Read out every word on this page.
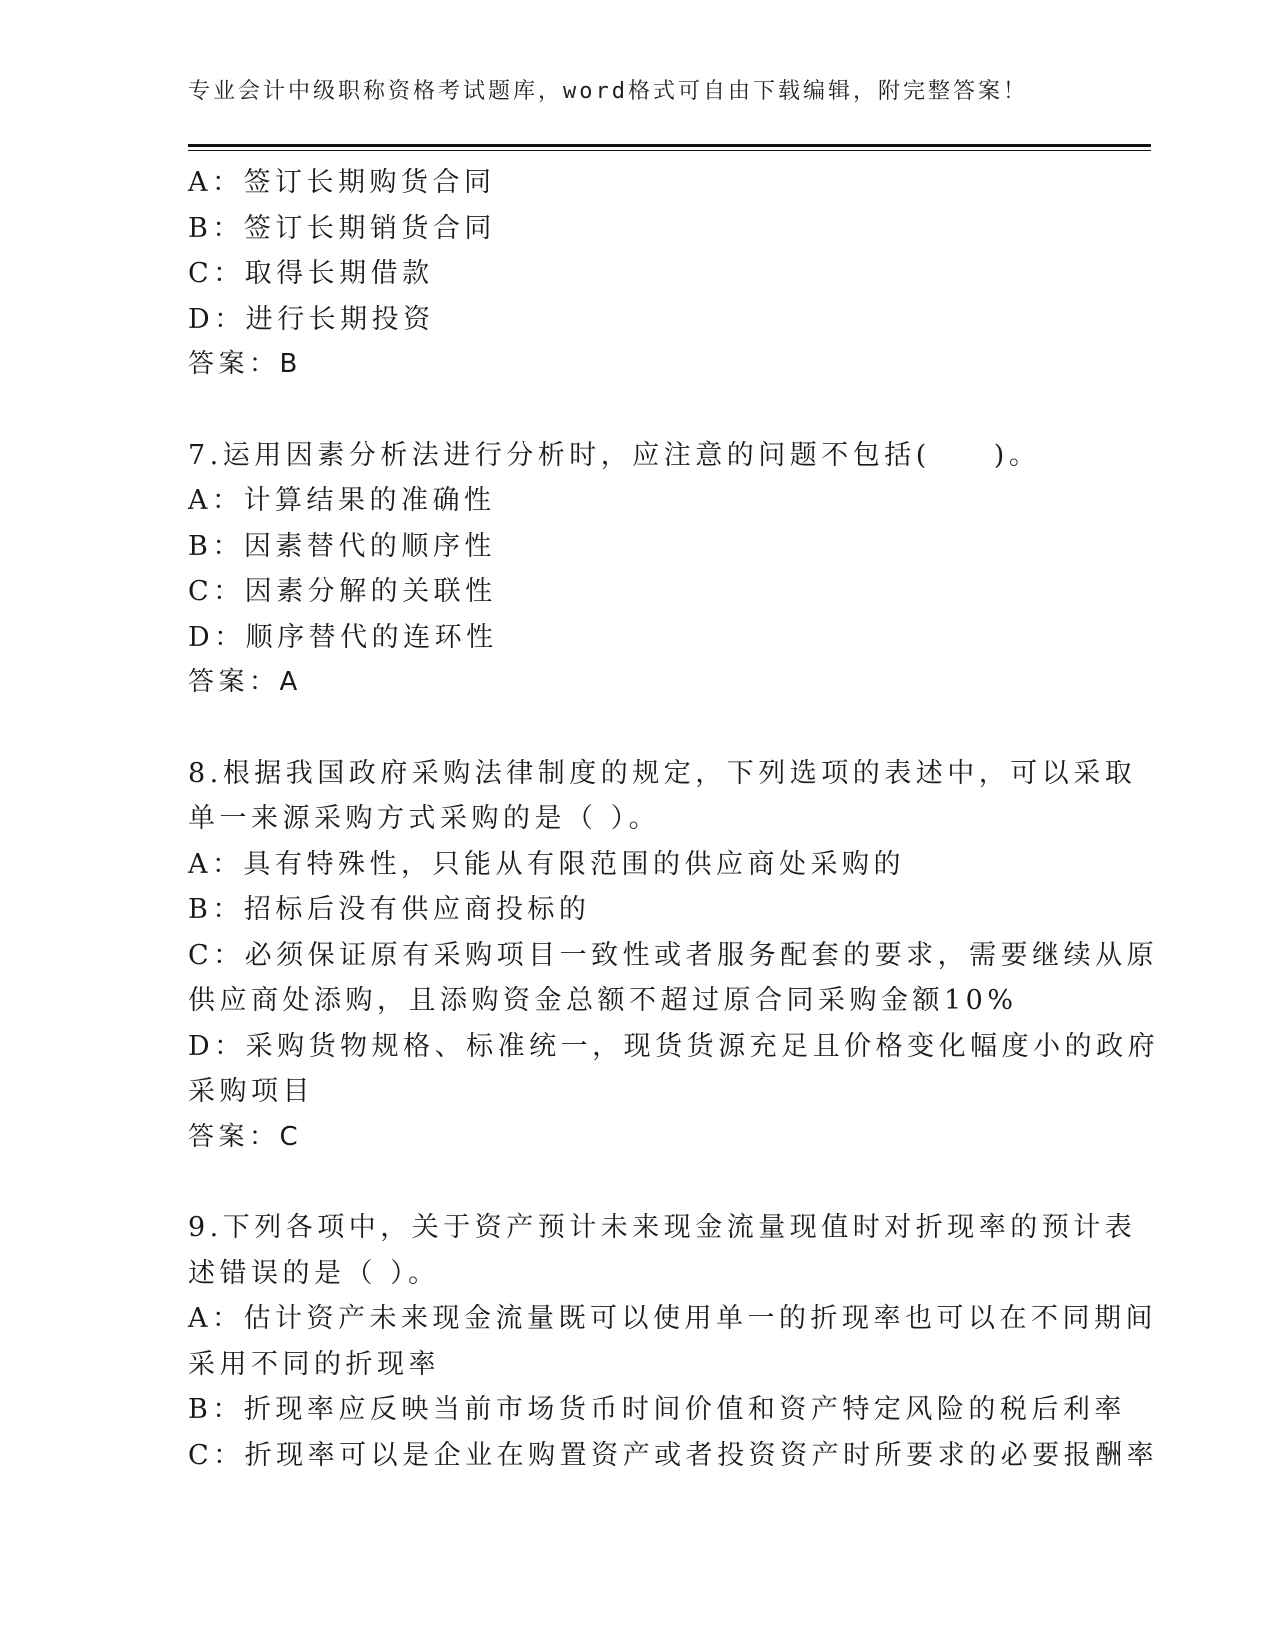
专业会计中级职称资格考试题库，word格式可自由下载编辑，附完整答案！
A：签订长期购货合同
B：签订长期销货合同
C：取得长期借款
D：进行长期投资
答案：B
7.运用因素分析法进行分析时，应注意的问题不包括(　　)。
A：计算结果的准确性
B：因素替代的顺序性
C：因素分解的关联性
D：顺序替代的连环性
答案：A
8.根据我国政府采购法律制度的规定，下列选项的表述中，可以采取
单一来源采购方式采购的是（ ）。
A：具有特殊性，只能从有限范围的供应商处采购的
B：招标后没有供应商投标的
C：必须保证原有采购项目一致性或者服务配套的要求，需要继续从原
供应商处添购，且添购资金总额不超过原合同采购金额10%
D：采购货物规格、标准统一，现货货源充足且价格变化幅度小的政府
采购项目
答案：C
9.下列各项中，关于资产预计未来现金流量现值时对折现率的预计表
述错误的是（ ）。
A：估计资产未来现金流量既可以使用单一的折现率也可以在不同期间
采用不同的折现率
B：折现率应反映当前市场货币时间价值和资产特定风险的税后利率
C：折现率可以是企业在购置资产或者投资资产时所要求的必要报酬率
